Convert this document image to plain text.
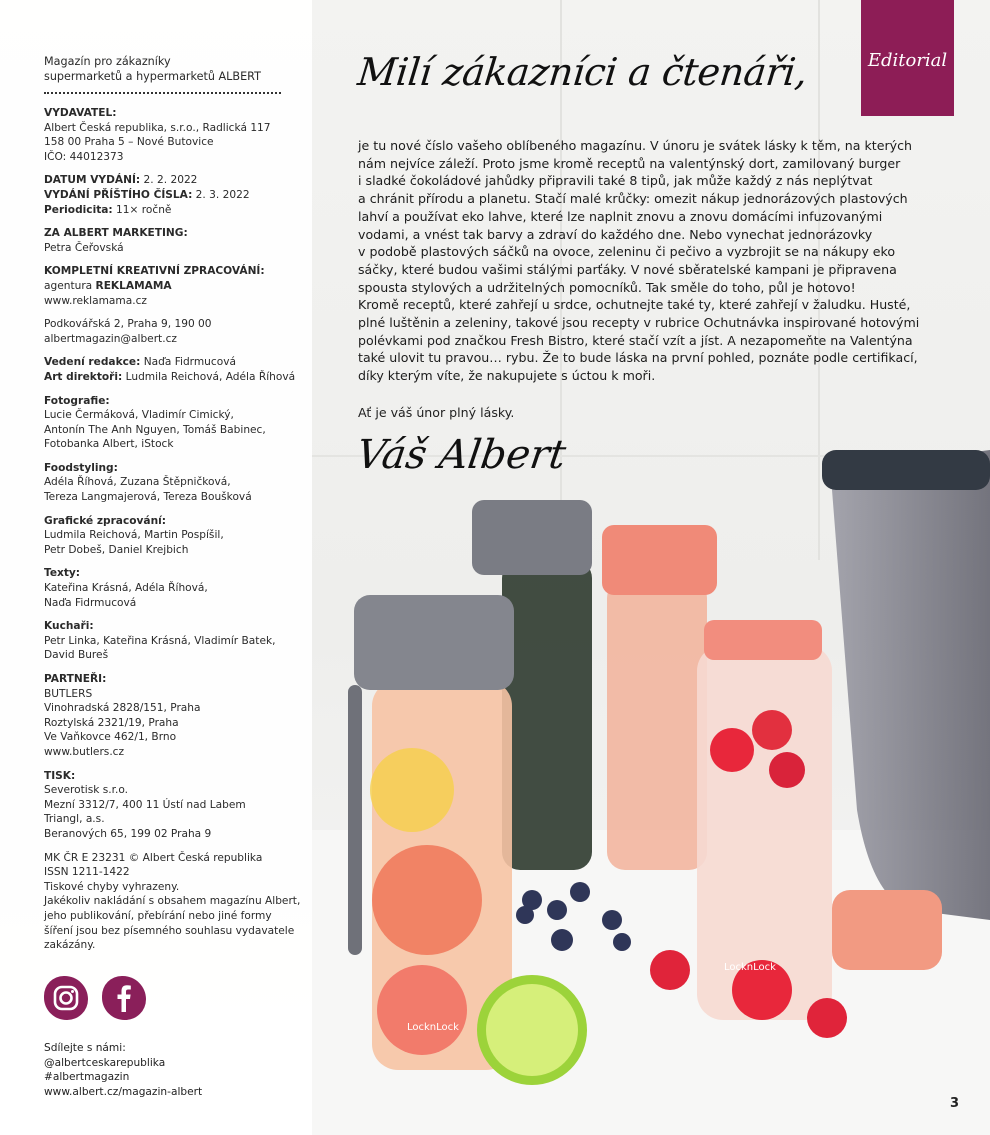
LocknLock
LocknLock
Magazín pro zákazníky
supermarketů a hypermarketů ALBERT
VYDAVATEL:
Albert Česká republika, s.r.o., Radlická 117
158 00 Praha 5 – Nové Butovice
IČO: 44012373
DATUM VYDÁNÍ: 2. 2. 2022
VYDÁNÍ PŘÍŠTÍHO ČÍSLA: 2. 3. 2022
Periodicita: 11× ročně
ZA ALBERT MARKETING:
Petra Čeřovská
KOMPLETNÍ KREATIVNÍ ZPRACOVÁNÍ:
agentura REKLAMAMA
www.reklamama.cz
Podkovářská 2, Praha 9, 190 00
albertmagazin@albert.cz
Vedení redakce: Naďa Fidrmucová
Art direktoři: Ludmila Reichová, Adéla Říhová
Fotografie:
Lucie Čermáková, Vladimír Cimický,
Antonín The Anh Nguyen, Tomáš Babinec,
Fotobanka Albert, iStock
Foodstyling:
Adéla Říhová, Zuzana Štěpničková,
Tereza Langmajerová, Tereza Boušková
Grafické zpracování:
Ludmila Reichová, Martin Pospíšil,
Petr Dobeš, Daniel Krejbich
Texty:
Kateřina Krásná, Adéla Říhová,
Naďa Fidrmucová
Kuchaři:
Petr Linka, Kateřina Krásná, Vladimír Batek,
David Bureš
PARTNEŘI:
BUTLERS
Vinohradská 2828/151, Praha
Roztylská 2321/19, Praha
Ve Vaňkovce 462/1, Brno
www.butlers.cz
TISK:
Severotisk s.r.o.
Mezní 3312/7, 400 11 Ústí nad Labem
Triangl, a.s.
Beranových 65, 199 02 Praha 9
MK ČR E 23231 © Albert Česká republika
ISSN 1211-1422
Tiskové chyby vyhrazeny.
Jakékoliv nakládání s obsahem magazínu Albert,
jeho publikování, přebírání nebo jiné formy
šíření jsou bez písemného souhlasu vydavatele
zakázány.
Sdílejte s námi:
@albertceskarepublika
#albertmagazin
www.albert.cz/magazin-albert
Editorial
Milí zákazníci a čtenáři,
je tu nové číslo vašeho oblíbeného magazínu. V únoru je svátek lásky k těm, na kterých
nám nejvíce záleží. Proto jsme kromě receptů na valentýnský dort, zamilovaný burger
i sladké čokoládové jahůdky připravili také 8 tipů, jak může každý z nás neplýtvat
a chránit přírodu a planetu. Stačí malé krůčky: omezit nákup jednorázových plastových
lahví a používat eko lahve, které lze naplnit znovu a znovu domácími infuzovanými
vodami, a vnést tak barvy a zdraví do každého dne. Nebo vynechat jednorázovky
v podobě plastových sáčků na ovoce, zeleninu či pečivo a vyzbrojit se na nákupy eko
sáčky, které budou vašimi stálými parťáky. V nové sběratelské kampani je připravena
spousta stylových a udržitelných pomocníků. Tak směle do toho, půl je hotovo!
Kromě receptů, které zahřejí u srdce, ochutnejte také ty, které zahřejí v žaludku. Husté,
plné luštěnin a zeleniny, takové jsou recepty v rubrice Ochutnávka inspirované hotovými
polévkami pod značkou Fresh Bistro, které stačí vzít a jíst. A nezapomeňte na Valentýna
také ulovit tu pravou… rybu. Že to bude láska na první pohled, poznáte podle certifikací,
díky kterým víte, že nakupujete s úctou k moři.
Ať je váš únor plný lásky.
Váš Albert
3
